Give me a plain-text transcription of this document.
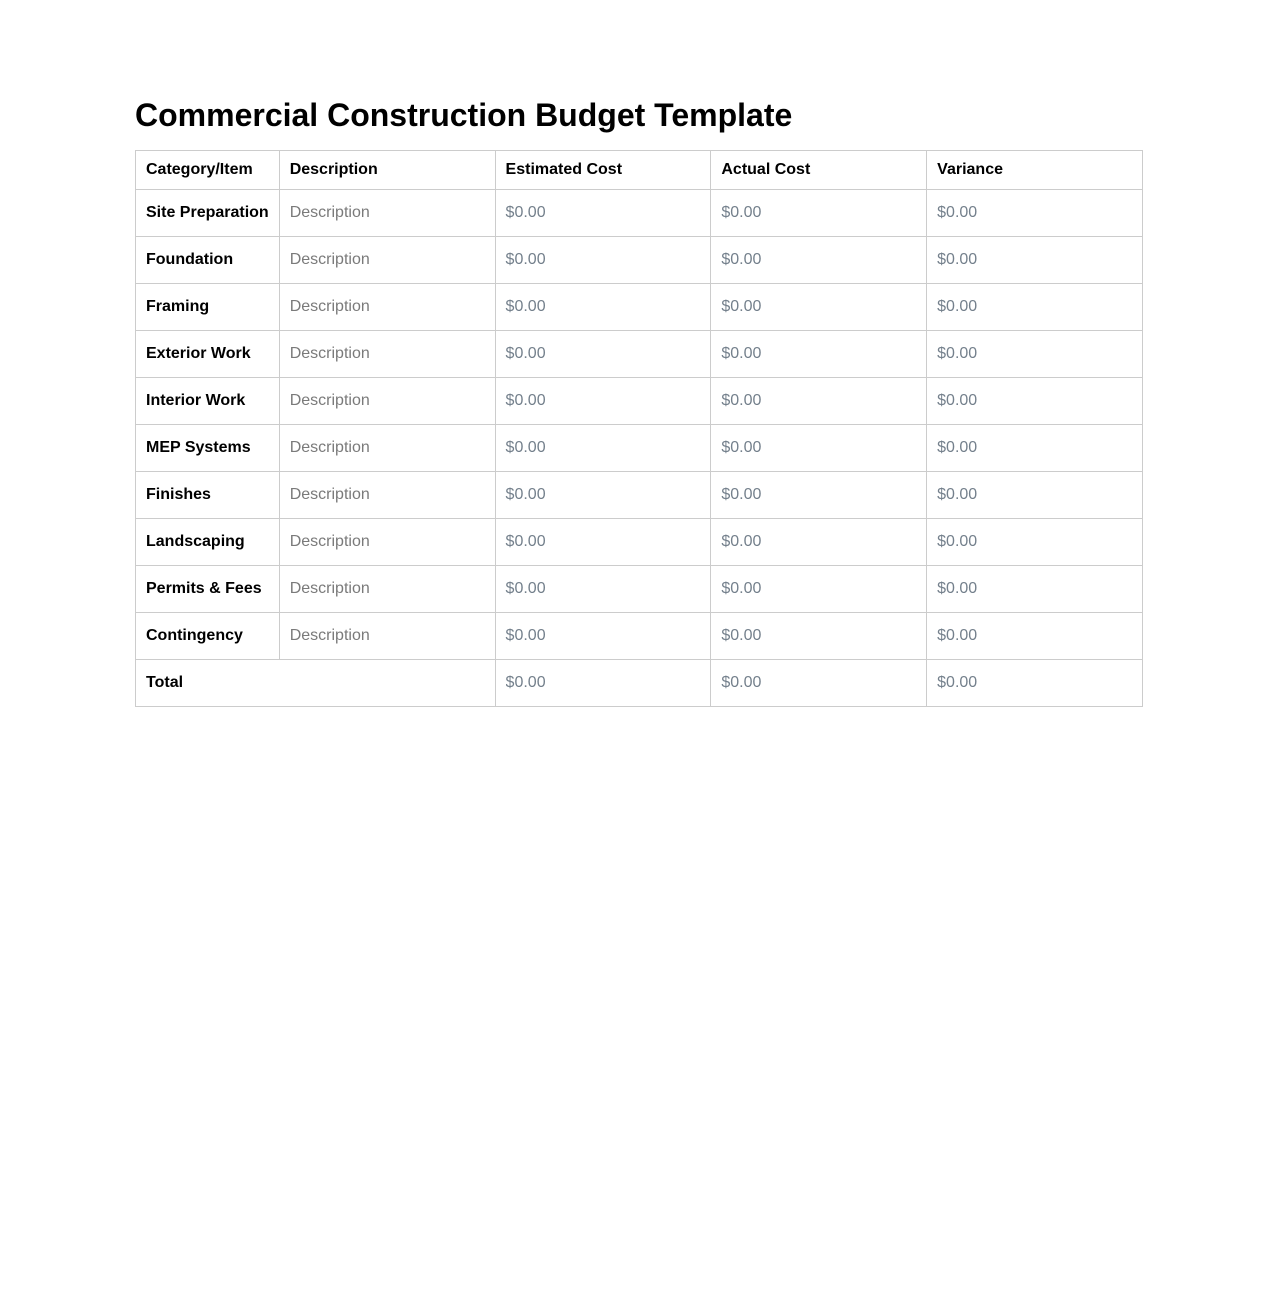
Commercial Construction Budget Template
Category/Item	Description	Estimated Cost	Actual Cost	Variance
Site Preparation	Description	$0.00	$0.00	$0.00

Foundation	Description	$0.00	$0.00	$0.00

Framing	Description	$0.00	$0.00	$0.00

Exterior Work	Description	$0.00	$0.00	$0.00

Interior Work	Description	$0.00	$0.00	$0.00

MEP Systems	Description	$0.00	$0.00	$0.00

Finishes	Description	$0.00	$0.00	$0.00

Landscaping	Description	$0.00	$0.00	$0.00

Permits & Fees	Description	$0.00	$0.00	$0.00

Contingency	Description	$0.00	$0.00	$0.00

Total	$0.00	$0.00	$0.00
